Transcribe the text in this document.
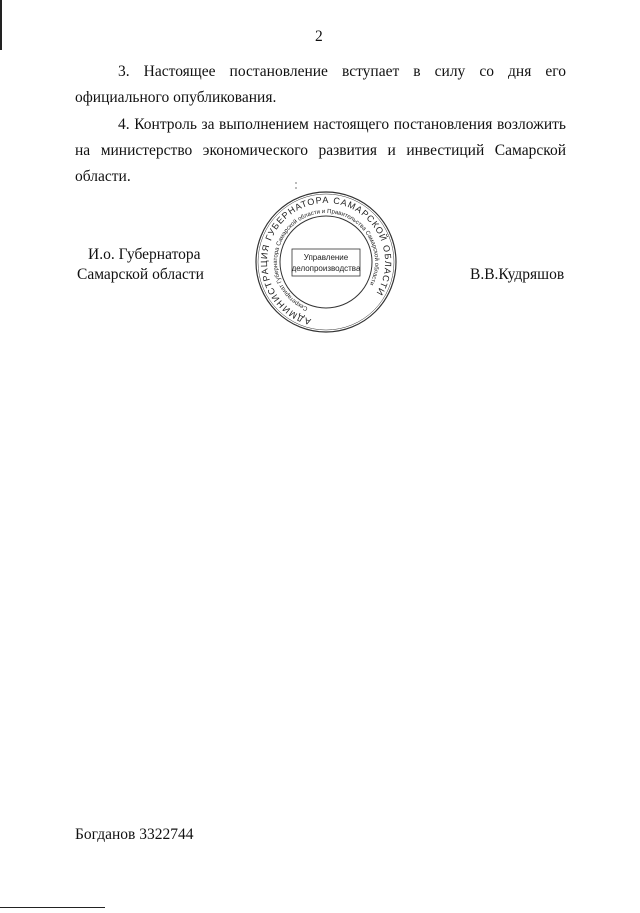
2
3. Настоящее постановление вступает в силу со дня его
официального опубликования.
4. Контроль за выполнением настоящего постановления возложить
на министерство экономического развития и инвестиций Самарской
области.
И.о. Губернатора
Самарской области	В.В.Кудряшов
АДМИНИСТРАЦИЯ ГУБЕРНАТОРА САМАРСКОЙ ОБЛАСТИ
Секретариат Губернатора Самарской области и Правительства Самарской области
Управление
делопроизводства
Богданов 3322744
